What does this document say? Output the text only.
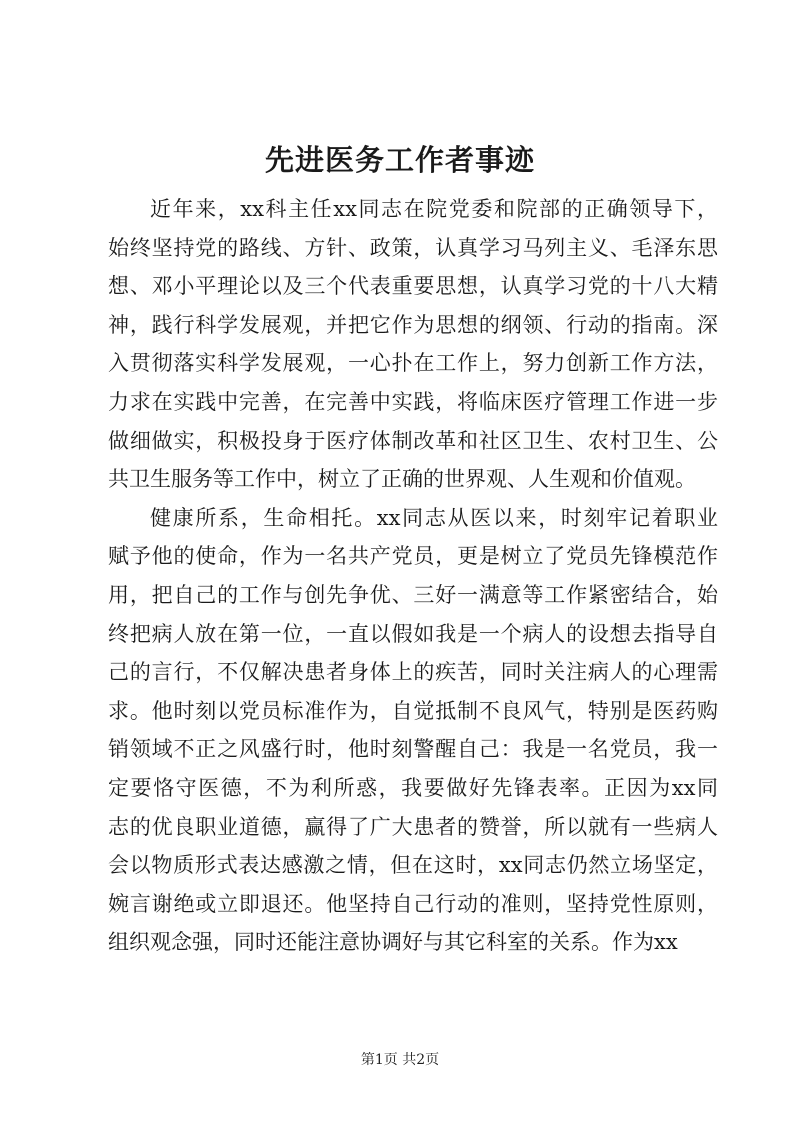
先进医务工作者事迹
近年来，xx科主任xx同志在院党委和院部的正确领导下，
始终坚持党的路线、方针、政策，认真学习马列主义、毛泽东思
想、邓小平理论以及三个代表重要思想，认真学习党的十八大精
神，践行科学发展观，并把它作为思想的纲领、行动的指南。深
入贯彻落实科学发展观，一心扑在工作上，努力创新工作方法，
力求在实践中完善，在完善中实践，将临床医疗管理工作进一步
做细做实，积极投身于医疗体制改革和社区卫生、农村卫生、公
共卫生服务等工作中，树立了正确的世界观、人生观和价值观。
健康所系，生命相托。xx同志从医以来，时刻牢记着职业
赋予他的使命，作为一名共产党员，更是树立了党员先锋模范作
用，把自己的工作与创先争优、三好一满意等工作紧密结合，始
终把病人放在第一位，一直以假如我是一个病人的设想去指导自
己的言行，不仅解决患者身体上的疾苦，同时关注病人的心理需
求。他时刻以党员标准作为，自觉抵制不良风气，特别是医药购
销领域不正之风盛行时，他时刻警醒自己：我是一名党员，我一
定要恪守医德，不为利所惑，我要做好先锋表率。正因为xx同
志的优良职业道德，赢得了广大患者的赞誉，所以就有一些病人
会以物质形式表达感激之情，但在这时，xx同志仍然立场坚定，
婉言谢绝或立即退还。他坚持自己行动的准则，坚持党性原则，
组织观念强，同时还能注意协调好与其它科室的关系。作为xx
第1页 共2页
